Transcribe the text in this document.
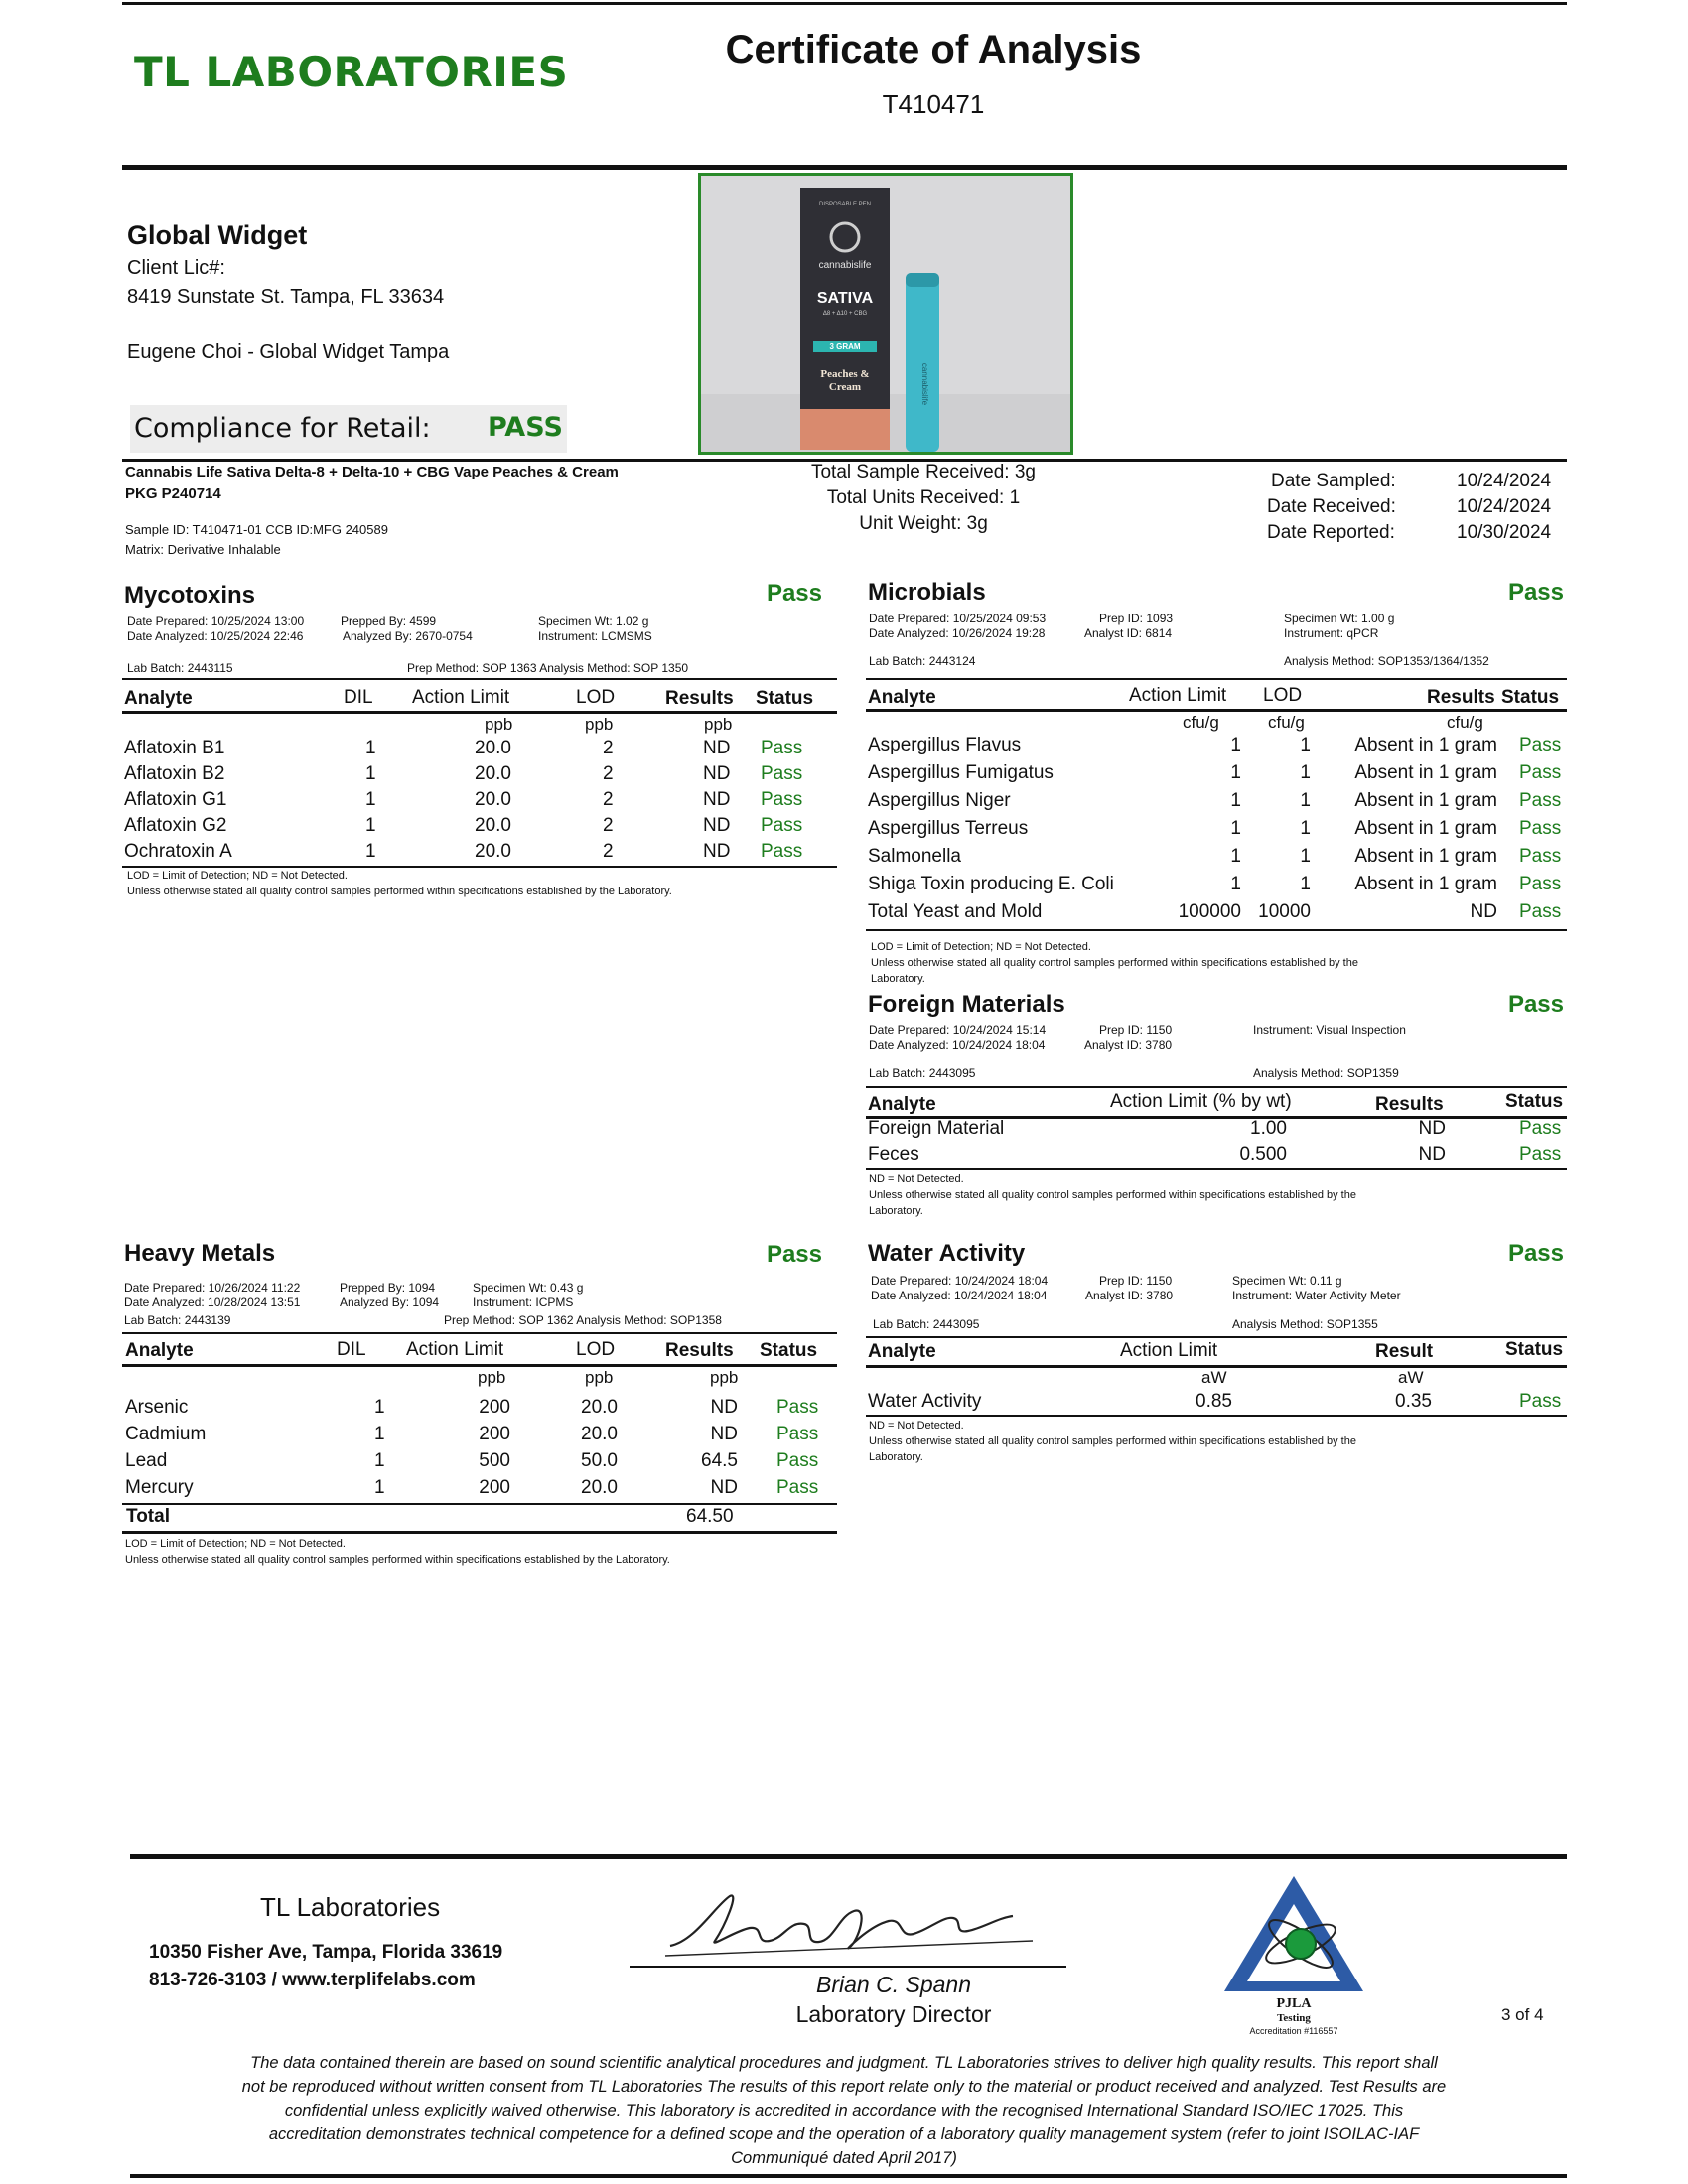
TL LABORATORIES	Certificate of Analysis
T410471
Global Widget
Client Lic#:
8419 Sunstate St. Tampa, FL 33634
Eugene Choi - Global Widget Tampa
Compliance for Retail: PASS
DISPOSABLE PEN
cannabislife
SATIVA
Δ8 + Δ10 + CBG
3 GRAM
Peaches &
Cream	cannabislife
Cannabis Life Sativa Delta-8 + Delta-10 + CBG Vape Peaches & Cream PKG P240714
Sample ID: T410471-01 CCB ID:MFG 240589
Matrix: Derivative Inhalable
Total Sample Received: 3g
Total Units Received: 1
Unit Weight: 3g
Date Sampled:	10/24/2024
Date Received:	10/24/2024
Date Reported:	10/30/2024
Mycotoxins	Pass
Date Prepared: 10/25/2024 13:00
Date Analyzed: 10/25/2024 22:46
Prepped By: 4599
Analyzed By: 2670-0754
Specimen Wt: 1.02 g
Instrument: LCMSMS
Lab Batch: 2443115	Prep Method: SOP 1363 Analysis Method: SOP 1350
Analyte	DIL Action Limit	LOD	Results Status
ppb	ppb	ppb
Aflatoxin B1	1	20.0	2	ND Pass
Aflatoxin B2	1	20.0	2	ND Pass
Aflatoxin G1	1	20.0	2	ND Pass
Aflatoxin G2	1	20.0	2	ND Pass
Ochratoxin A	1	20.0	2	ND Pass
LOD = Limit of Detection; ND = Not Detected.
Unless otherwise stated all quality control samples performed within specifications established by the Laboratory.
Microbials	Pass
Date Prepared: 10/25/2024 09:53
Date Analyzed: 10/26/2024 19:28
Prep ID: 1093
Analyst ID: 6814
Specimen Wt: 1.00 g
Instrument: qPCR
Lab Batch: 2443124	Analysis Method: SOP1353/1364/1352
Analyte	Action Limit LOD	Results Status
cfu/g	cfu/g	cfu/g
Aspergillus Flavus	1	1	Absent in 1 gram Pass
Aspergillus Fumigatus	1	1	Absent in 1 gram Pass
Aspergillus Niger	1	1	Absent in 1 gram Pass
Aspergillus Terreus	1	1	Absent in 1 gram Pass
Salmonella	1	1	Absent in 1 gram Pass
Shiga Toxin producing E. Coli	1	1	Absent in 1 gram Pass
Total Yeast and Mold	100000 10000	ND Pass
LOD = Limit of Detection; ND = Not Detected.
Unless otherwise stated all quality control samples performed within specifications established by the
Laboratory.
Foreign Materials	Pass
Date Prepared: 10/24/2024 15:14
Date Analyzed: 10/24/2024 18:04
Prep ID: 1150
Analyst ID: 3780
Instrument: Visual Inspection
Lab Batch: 2443095	Analysis Method: SOP1359
Analyte	Action Limit (% by wt)	Results	Status
Foreign Material	1.00	ND	Pass
Feces	0.500	ND	Pass
ND = Not Detected.
Unless otherwise stated all quality control samples performed within specifications established by the
Laboratory.
Heavy Metals	Pass
Date Prepared: 10/26/2024 11:22
Date Analyzed: 10/28/2024 13:51
Prepped By: 1094
Analyzed By: 1094
Specimen Wt: 0.43 g
Instrument: ICPMS
Lab Batch: 2443139	Prep Method: SOP 1362 Analysis Method: SOP1358
Analyte	DIL Action Limit	LOD	Results Status
ppb	ppb	ppb
Arsenic	1	200	20.0	ND Pass
Cadmium	1	200	20.0	ND Pass
Lead	1	500	50.0	64.5 Pass
Mercury	1	200	20.0	ND Pass
Total	64.50
LOD = Limit of Detection; ND = Not Detected.
Unless otherwise stated all quality control samples performed within specifications established by the Laboratory.
Water Activity	Pass
Date Prepared: 10/24/2024 18:04
Date Analyzed: 10/24/2024 18:04
Prep ID: 1150
Analyst ID: 3780
Specimen Wt: 0.11 g
Instrument: Water Activity Meter
Lab Batch: 2443095	Analysis Method: SOP1355
Analyte	Action Limit	Result	Status
aW	aW
Water Activity	0.85	0.35	Pass
ND = Not Detected.
Unless otherwise stated all quality control samples performed within specifications established by the
Laboratory.
TL Laboratories
10350 Fisher Ave, Tampa, Florida 33619
813-726-3103 / www.terplifelabs.com	Brian C. Spann
Laboratory Director	PJLA
Testing
Accreditation #116557
3 of 4
The data contained therein are based on sound scientific analytical procedures and judgment. TL Laboratories strives to deliver high quality results. This report shall not be reproduced without written consent from TL Laboratories The results of this report relate only to the material or product received and analyzed. Test Results are confidential unless explicitly waived otherwise. This laboratory is accredited in accordance with the recognised International Standard ISO/IEC 17025. This accreditation demonstrates technical competence for a defined scope and the operation of a laboratory quality management system (refer to joint ISOILAC-IAF Communiqué dated April 2017)
